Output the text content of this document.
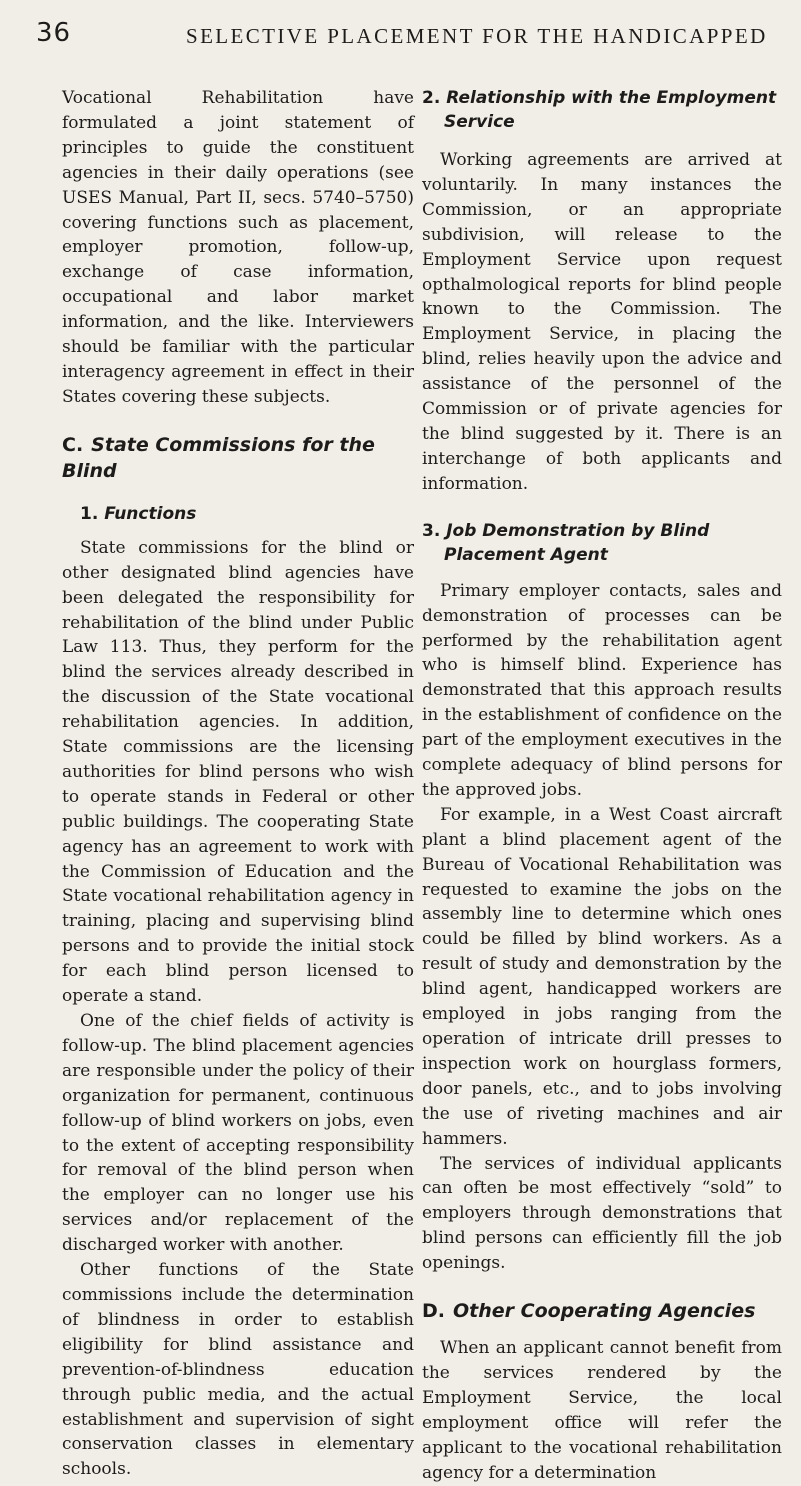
36	SELECTIVE PLACEMENT FOR THE HANDICAPPED

Vocational Rehabilitation have formulated a joint statement of principles to guide the constituent agencies in their daily operations (see USES Manual, Part II, secs. 5740–5750) covering functions such as placement, employer promotion, follow-up, exchange of case information, occupational and labor market information, and the like. Interviewers should be familiar with the particular interagency agreement in effect in their States covering these subjects.

C. State Commissions for the Blind
1. Functions

State commissions for the blind or other designated blind agencies have been delegated the responsibility for rehabilitation of the blind under Public Law 113. Thus, they perform for the blind the services already described in the discussion of the State vocational rehabilitation agencies. In addition, State commissions are the licensing authorities for blind persons who wish to operate stands in Federal or other public buildings. The cooperating State agency has an agreement to work with the Commission of Education and the State vocational rehabilitation agency in training, placing and supervising blind persons and to provide the initial stock for each blind person licensed to operate a stand.

One of the chief fields of activity is follow-up. The blind placement agencies are responsible under the policy of their organization for permanent, continuous follow-up of blind workers on jobs, even to the extent of accepting responsibility for removal of the blind person when the employer can no longer use his services and/or replacement of the discharged worker with another.

Other functions of the State commissions include the determination of blindness in order to establish eligibility for blind assistance and prevention-of-blindness education through public media, and the actual establishment and supervision of sight conservation classes in elementary schools.

2. Relationship with the Employment Service

Working agreements are arrived at voluntarily. In many instances the Commission, or an appropriate subdivision, will release to the Employment Service upon request opthalmological reports for blind people known to the Commission. The Employment Service, in placing the blind, relies heavily upon the advice and assistance of the personnel of the Commission or of private agencies for the blind suggested by it. There is an interchange of both applicants and information.

3. Job Demonstration by Blind Placement Agent

Primary employer contacts, sales and demonstration of processes can be performed by the rehabilitation agent who is himself blind. Experience has demonstrated that this approach results in the establishment of confidence on the part of the employment executives in the complete adequacy of blind persons for the approved jobs.

For example, in a West Coast aircraft plant a blind placement agent of the Bureau of Vocational Rehabilitation was requested to examine the jobs on the assembly line to determine which ones could be filled by blind workers. As a result of study and demonstration by the blind agent, handicapped workers are employed in jobs ranging from the operation of intricate drill presses to inspection work on hourglass formers, door panels, etc., and to jobs involving the use of riveting machines and air hammers.

The services of individual applicants can often be most effectively “sold” to employers through demonstrations that blind persons can efficiently fill the job openings.

D. Other Cooperating Agencies

When an applicant cannot benefit from the services rendered by the Employment Service, the local employment office will refer the applicant to the vocational rehabilitation agency for a determination
